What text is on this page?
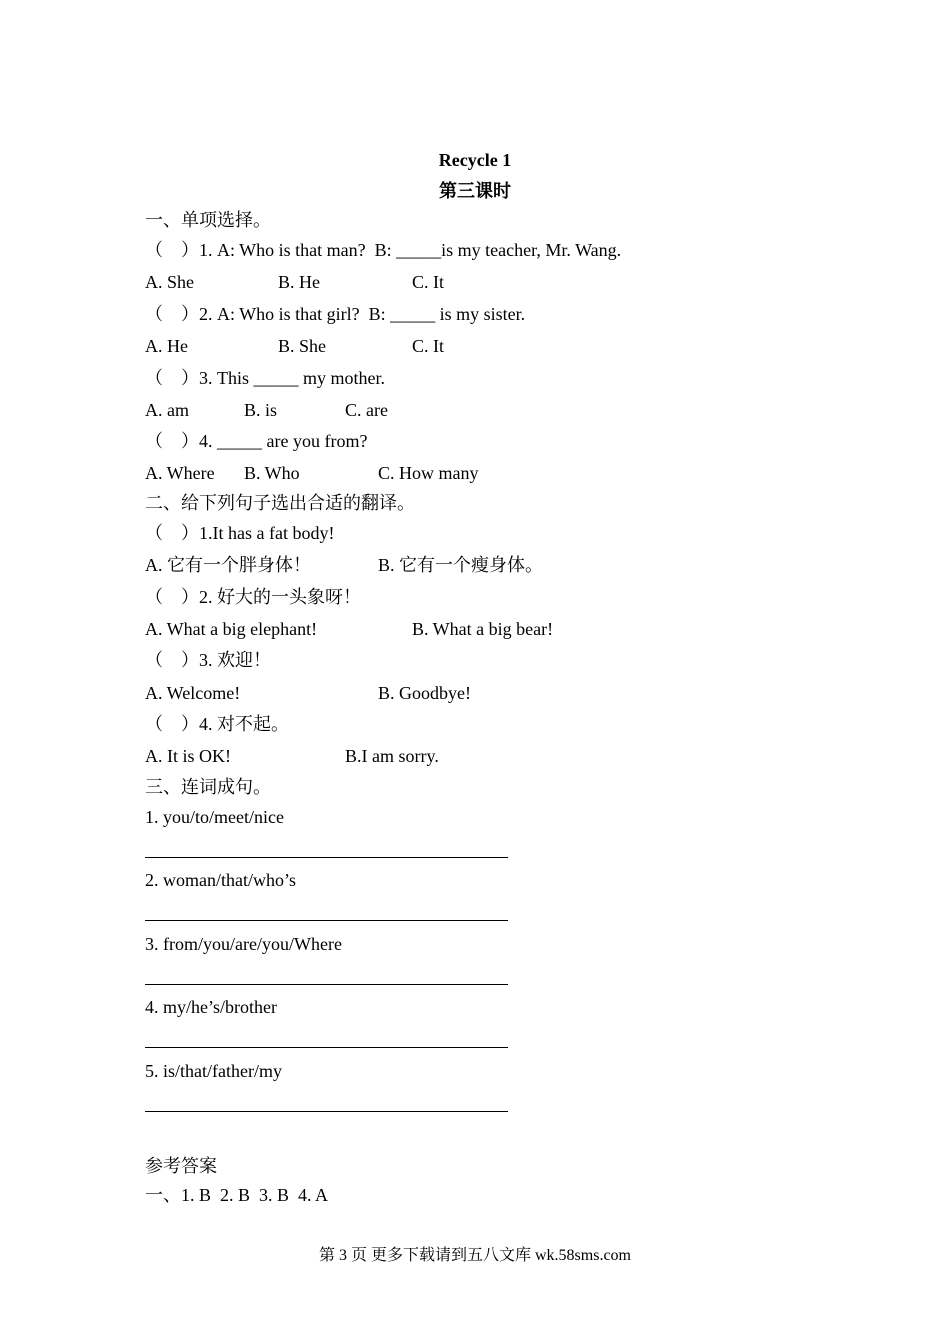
Recycle 1

第三课时

一、单项选择。

（    ）1. A: Who is that man?  B: _____is my teacher, Mr. Wang.

A. She	B. He	C. It

（    ）2. A: Who is that girl?  B: _____ is my sister.

A. He	B. She	C. It

（    ）3. This _____ my mother.

A. am	B. is	C. are

（    ）4. _____ are you from?

A. Where B. Who	C. How many

二、给下列句子选出合适的翻译。

（    ）1.It has a fat body!

A. 它有一个胖身体！	B. 它有一个瘦身体。

（    ）2. 好大的一头象呀！

A. What a big elephant!	B. What a big bear!

（    ）3. 欢迎！

A. Welcome!	B. Goodbye!

（    ）4. 对不起。

A. It is OK!	B.I am sorry.

三、连词成句。

1. you/to/meet/nice

2. woman/that/who’s

3. from/you/are/you/Where

4. my/he’s/brother

5. is/that/father/my

参考答案

一、1. B  2. B  3. B  4. A

第 3 页 更多下载请到五八文库 wk.58sms.com
